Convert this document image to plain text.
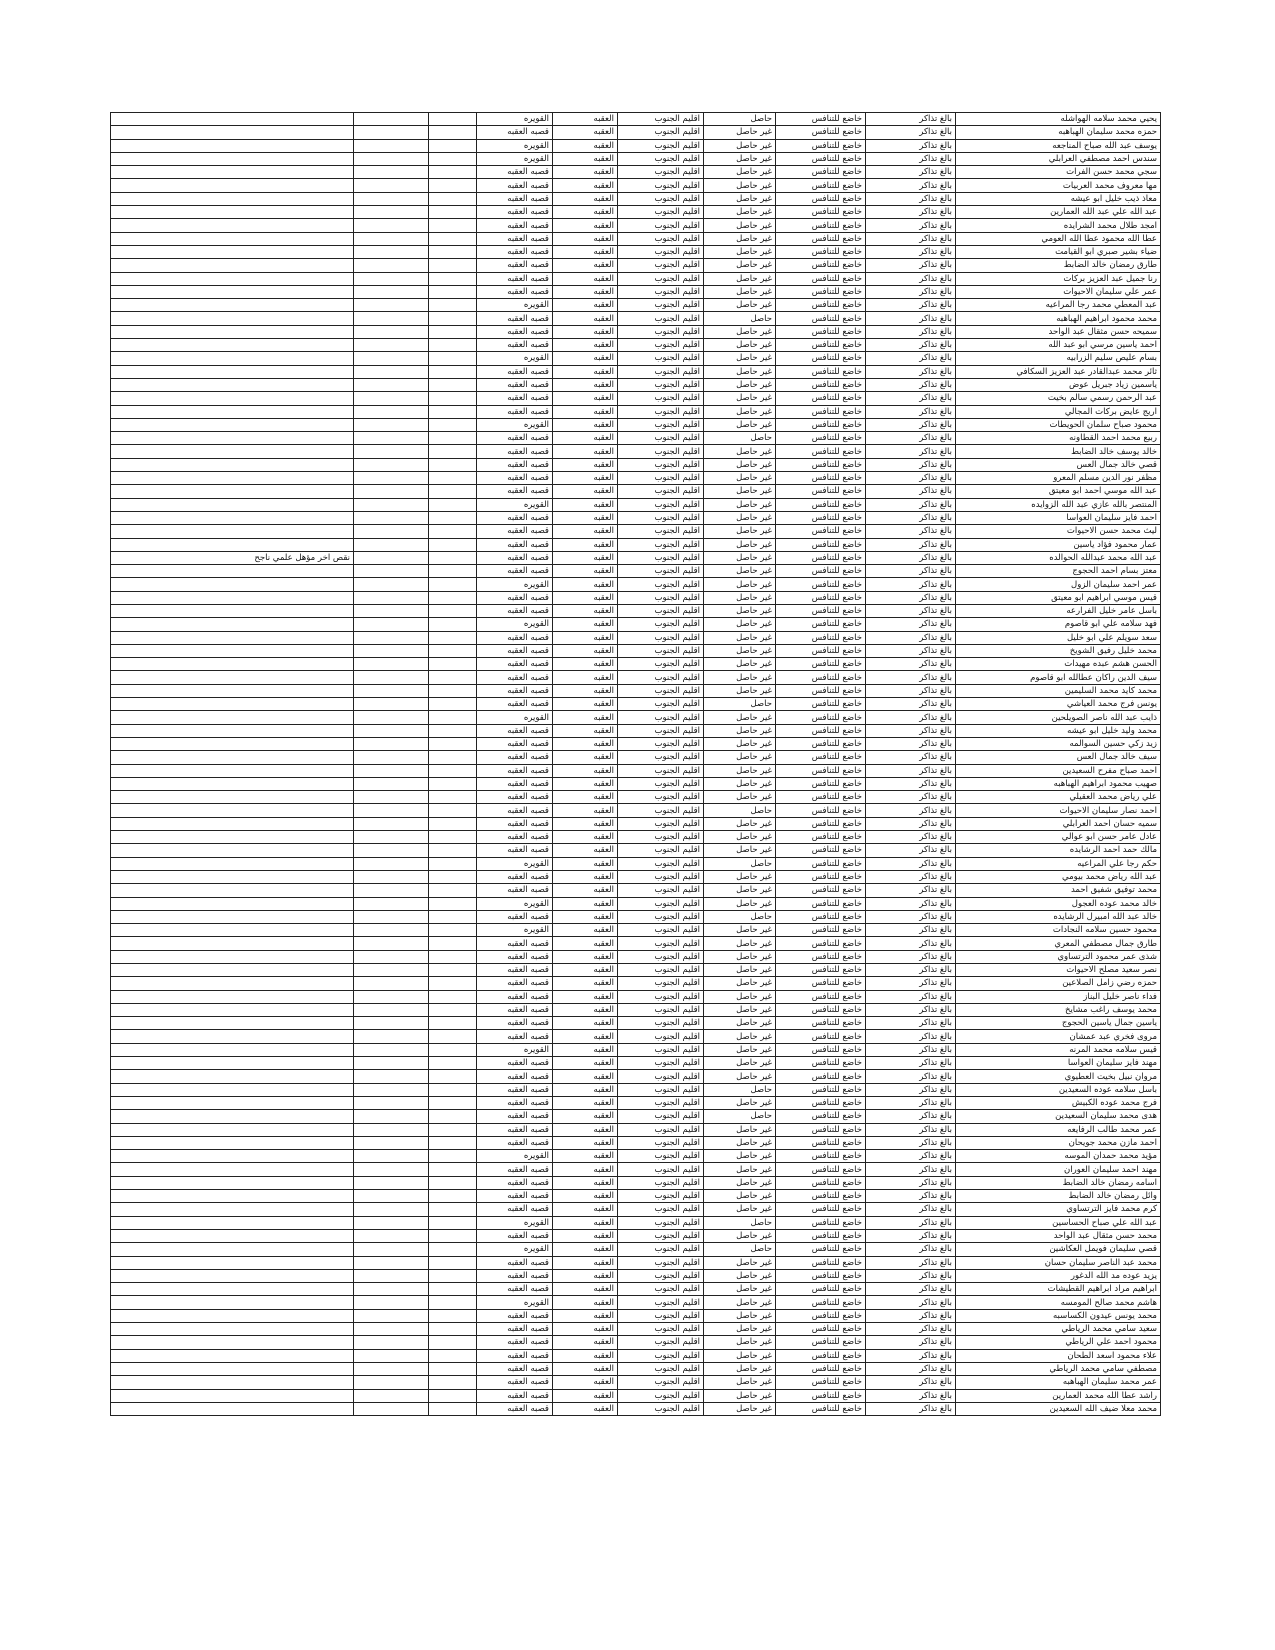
يحيي محمد سلامه الهواشله	بالغ تذاكر	خاضع للتنافس	حاصل	اقليم الجنوب	العقبه	القويره			
حمزه محمد سليمان الهباهبه	بالغ تذاكر	خاضع للتنافس	غير حاصل	اقليم الجنوب	العقبه	قصبه العقبه			
يوسف عبد الله صباح المناجعه	بالغ تذاكر	خاضع للتنافس	غير حاصل	اقليم الجنوب	العقبه	القويره			
سندس احمد مصطفي العرابلي	بالغ تذاكر	خاضع للتنافس	غير حاصل	اقليم الجنوب	العقبه	القويره			
سجي محمد حسن الفرات	بالغ تذاكر	خاضع للتنافس	غير حاصل	اقليم الجنوب	العقبه	قصبه العقبه			
مها معروف محمد العربيات	بالغ تذاكر	خاضع للتنافس	غير حاصل	اقليم الجنوب	العقبه	قصبه العقبه			
معاذ ذيب خليل ابو عيشه	بالغ تذاكر	خاضع للتنافس	غير حاصل	اقليم الجنوب	العقبه	قصبه العقبه			
عبد الله علي عبد الله العمارين	بالغ تذاكر	خاضع للتنافس	غير حاصل	اقليم الجنوب	العقبه	قصبه العقبه			
امجد طلال محمد الشرايده	بالغ تذاكر	خاضع للتنافس	غير حاصل	اقليم الجنوب	العقبه	قصبه العقبه			
عطا الله محمود عطا الله العومي	بالغ تذاكر	خاضع للتنافس	غير حاصل	اقليم الجنوب	العقبه	قصبه العقبه			
ضياء بشير صبري ابو القيامت	بالغ تذاكر	خاضع للتنافس	غير حاصل	اقليم الجنوب	العقبه	قصبه العقبه			
طارق رمضان خالد الضابط	بالغ تذاكر	خاضع للتنافس	غير حاصل	اقليم الجنوب	العقبه	قصبه العقبه			
رنا جميل عبد العزيز بركات	بالغ تذاكر	خاضع للتنافس	غير حاصل	اقليم الجنوب	العقبه	قصبه العقبه			
عمر علي سليمان الاحيوات	بالغ تذاكر	خاضع للتنافس	غير حاصل	اقليم الجنوب	العقبه	قصبه العقبه			
عبد المعطي محمد رجا المراعيه	بالغ تذاكر	خاضع للتنافس	غير حاصل	اقليم الجنوب	العقبه	القويره			
محمد محمود ابراهيم الهباهبه	بالغ تذاكر	خاضع للتنافس	حاصل	اقليم الجنوب	العقبه	قصبه العقبه			
سميحه حسن مثقال عبد الواحد	بالغ تذاكر	خاضع للتنافس	غير حاصل	اقليم الجنوب	العقبه	قصبه العقبه			
احمد ياسين مرسي ابو عبد الله	بالغ تذاكر	خاضع للتنافس	غير حاصل	اقليم الجنوب	العقبه	قصبه العقبه			
بسام عليص سليم الزرابيه	بالغ تذاكر	خاضع للتنافس	غير حاصل	اقليم الجنوب	العقبه	القويره			
ثائر محمد عبدالقادر عبد العزيز السكافي	بالغ تذاكر	خاضع للتنافس	غير حاصل	اقليم الجنوب	العقبه	قصبه العقبه			
ياسمين زياد جبريل عوض	بالغ تذاكر	خاضع للتنافس	غير حاصل	اقليم الجنوب	العقبه	قصبه العقبه			
عبد الرحمن رسمي سالم بخيت	بالغ تذاكر	خاضع للتنافس	غير حاصل	اقليم الجنوب	العقبه	قصبه العقبه			
اريج عايض بركات المجالي	بالغ تذاكر	خاضع للتنافس	غير حاصل	اقليم الجنوب	العقبه	قصبه العقبه			
محمود صباح سلمان الحويطات	بالغ تذاكر	خاضع للتنافس	غير حاصل	اقليم الجنوب	العقبه	القويره			
ربيع محمد احمد القطاونه	بالغ تذاكر	خاضع للتنافس	حاصل	اقليم الجنوب	العقبه	قصبه العقبه			
خالد يوسف خالد الضابط	بالغ تذاكر	خاضع للتنافس	غير حاصل	اقليم الجنوب	العقبه	قصبه العقبه			
قصي خالد جمال العس	بالغ تذاكر	خاضع للتنافس	غير حاصل	اقليم الجنوب	العقبه	قصبه العقبه			
مظفر نور الدين مسلم المعرو	بالغ تذاكر	خاضع للتنافس	غير حاصل	اقليم الجنوب	العقبه	قصبه العقبه			
عبد الله موسي احمد ابو معيتق	بالغ تذاكر	خاضع للتنافس	غير حاصل	اقليم الجنوب	العقبه	قصبه العقبه			
المنتصر بالله عازي عبد الله الزوايده	بالغ تذاكر	خاضع للتنافس	غير حاصل	اقليم الجنوب	العقبه	القويره			
احمد فايز سليمان العواسا	بالغ تذاكر	خاضع للتنافس	غير حاصل	اقليم الجنوب	العقبه	قصبه العقبه			
ليث محمد حسن الاحيوات	بالغ تذاكر	خاضع للتنافس	غير حاصل	اقليم الجنوب	العقبه	قصبه العقبه			
عمار محمود فؤاد ياسين	بالغ تذاكر	خاضع للتنافس	غير حاصل	اقليم الجنوب	العقبه	قصبه العقبه			
عبد الله محمد عبدالله الحوالده	بالغ تذاكر	خاضع للتنافس	غير حاصل	اقليم الجنوب	العقبه	قصبه العقبه			نقص اخر مؤهل علمي ناجح
معتز بسام احمد الحجوج	بالغ تذاكر	خاضع للتنافس	غير حاصل	اقليم الجنوب	العقبه	قصبه العقبه			
عمر احمد سليمان الزول	بالغ تذاكر	خاضع للتنافس	غير حاصل	اقليم الجنوب	العقبه	القويره			
قيس موسي ابراهيم ابو معيتق	بالغ تذاكر	خاضع للتنافس	غير حاصل	اقليم الجنوب	العقبه	قصبه العقبه			
باسل عامر خليل الفرارعه	بالغ تذاكر	خاضع للتنافس	غير حاصل	اقليم الجنوب	العقبه	قصبه العقبه			
فهد سلامه علي ابو قاصوم	بالغ تذاكر	خاضع للتنافس	غير حاصل	اقليم الجنوب	العقبه	القويره			
سعد سويلم علي ابو خليل	بالغ تذاكر	خاضع للتنافس	غير حاصل	اقليم الجنوب	العقبه	قصبه العقبه			
محمد خليل رفيق الشويخ	بالغ تذاكر	خاضع للتنافس	غير حاصل	اقليم الجنوب	العقبه	قصبه العقبه			
الحسن هشم عبده مهيدات	بالغ تذاكر	خاضع للتنافس	غير حاصل	اقليم الجنوب	العقبه	قصبه العقبه			
سيف الدين راكان عطالله ابو قاصوم	بالغ تذاكر	خاضع للتنافس	غير حاصل	اقليم الجنوب	العقبه	قصبه العقبه			
محمد كايد محمد السليمين	بالغ تذاكر	خاضع للتنافس	غير حاصل	اقليم الجنوب	العقبه	قصبه العقبه			
يونس فرج محمد العياشي	بالغ تذاكر	خاضع للتنافس	حاصل	اقليم الجنوب	العقبه	قصبه العقبه			
ذايب عبد الله ناصر الصويلحين	بالغ تذاكر	خاضع للتنافس	غير حاصل	اقليم الجنوب	العقبه	القويره			
محمد وليد خليل ابو عيشه	بالغ تذاكر	خاضع للتنافس	غير حاصل	اقليم الجنوب	العقبه	قصبه العقبه			
زيد زكي حسين السوالمه	بالغ تذاكر	خاضع للتنافس	غير حاصل	اقليم الجنوب	العقبه	قصبه العقبه			
سيف خالد جمال العس	بالغ تذاكر	خاضع للتنافس	غير حاصل	اقليم الجنوب	العقبه	قصبه العقبه			
احمد صباح مفرح السعيدين	بالغ تذاكر	خاضع للتنافس	غير حاصل	اقليم الجنوب	العقبه	قصبه العقبه			
صهيب محمود ابراهيم الهباهبه	بالغ تذاكر	خاضع للتنافس	غير حاصل	اقليم الجنوب	العقبه	قصبه العقبه			
علي رياض محمد العقيلي	بالغ تذاكر	خاضع للتنافس	غير حاصل	اقليم الجنوب	العقبه	قصبه العقبه			
احمد نصار سليمان الاحيوات	بالغ تذاكر	خاضع للتنافس	حاصل	اقليم الجنوب	العقبه	قصبه العقبه			
سميه حسان احمد العرابلي	بالغ تذاكر	خاضع للتنافس	غير حاصل	اقليم الجنوب	العقبه	قصبه العقبه			
عادل عامر حسن ابو عوالي	بالغ تذاكر	خاضع للتنافس	غير حاصل	اقليم الجنوب	العقبه	قصبه العقبه			
مالك حمد احمد الرشايده	بالغ تذاكر	خاضع للتنافس	غير حاصل	اقليم الجنوب	العقبه	قصبه العقبه			
حكم رجا علي المراعيه	بالغ تذاكر	خاضع للتنافس	حاصل	اقليم الجنوب	العقبه	القويره			
عبد الله رياض محمد بيومي	بالغ تذاكر	خاضع للتنافس	غير حاصل	اقليم الجنوب	العقبه	قصبه العقبه			
محمد توفيق شفيق احمد	بالغ تذاكر	خاضع للتنافس	غير حاصل	اقليم الجنوب	العقبه	قصبه العقبه			
خالد محمد عوده العجول	بالغ تذاكر	خاضع للتنافس	غير حاصل	اقليم الجنوب	العقبه	القويره			
خالد عبد الله امبيرل الرشايده	بالغ تذاكر	خاضع للتنافس	حاصل	اقليم الجنوب	العقبه	قصبه العقبه			
محمود حسين سلامه النجادات	بالغ تذاكر	خاضع للتنافس	غير حاصل	اقليم الجنوب	العقبه	القويره			
طارق جمال مصطفي المعري	بالغ تذاكر	خاضع للتنافس	غير حاصل	اقليم الجنوب	العقبه	قصبه العقبه			
شذى عمر محمود الترتساوي	بالغ تذاكر	خاضع للتنافس	غير حاصل	اقليم الجنوب	العقبه	قصبه العقبه			
نصر سعيد مصلح الاحيوات	بالغ تذاكر	خاضع للتنافس	غير حاصل	اقليم الجنوب	العقبه	قصبه العقبه			
حمزه رضي زامل الصلاعين	بالغ تذاكر	خاضع للتنافس	غير حاصل	اقليم الجنوب	العقبه	قصبه العقبه			
فداء ناصر خليل البناز	بالغ تذاكر	خاضع للتنافس	غير حاصل	اقليم الجنوب	العقبه	قصبه العقبه			
محمد يوسف راغب مشايخ	بالغ تذاكر	خاضع للتنافس	غير حاصل	اقليم الجنوب	العقبه	قصبه العقبه			
ياسين جمال ياسين الحجوج	بالغ تذاكر	خاضع للتنافس	غير حاصل	اقليم الجنوب	العقبه	قصبه العقبه			
مروى فخري عبد عمشان	بالغ تذاكر	خاضع للتنافس	غير حاصل	اقليم الجنوب	العقبه	قصبه العقبه			
قيس سلامه محمد المرنه	بالغ تذاكر	خاضع للتنافس	غير حاصل	اقليم الجنوب	العقبه	القويره			
مهند فايز سليمان العواسا	بالغ تذاكر	خاضع للتنافس	غير حاصل	اقليم الجنوب	العقبه	قصبه العقبه			
مروان نبيل بخيت العطيوي	بالغ تذاكر	خاضع للتنافس	غير حاصل	اقليم الجنوب	العقبه	قصبه العقبه			
باسل سلامه عوده السعيدين	بالغ تذاكر	خاضع للتنافس	حاصل	اقليم الجنوب	العقبه	قصبه العقبه			
فرج محمد عوده الكبيش	بالغ تذاكر	خاضع للتنافس	غير حاصل	اقليم الجنوب	العقبه	قصبه العقبه			
هدى محمد سليمان السعيدين	بالغ تذاكر	خاضع للتنافس	حاصل	اقليم الجنوب	العقبه	قصبه العقبه			
عمر محمد طالب الرفايعه	بالغ تذاكر	خاضع للتنافس	غير حاصل	اقليم الجنوب	العقبه	قصبه العقبه			
احمد مازن محمد جويحان	بالغ تذاكر	خاضع للتنافس	غير حاصل	اقليم الجنوب	العقبه	قصبه العقبه			
مؤيد محمد حمدان الموسه	بالغ تذاكر	خاضع للتنافس	غير حاصل	اقليم الجنوب	العقبه	القويره			
مهند احمد سليمان العوران	بالغ تذاكر	خاضع للتنافس	غير حاصل	اقليم الجنوب	العقبه	قصبه العقبه			
اسامه رمضان خالد الضابط	بالغ تذاكر	خاضع للتنافس	غير حاصل	اقليم الجنوب	العقبه	قصبه العقبه			
وائل رمضان خالد الضابط	بالغ تذاكر	خاضع للتنافس	غير حاصل	اقليم الجنوب	العقبه	قصبه العقبه			
كرم محمد فايز الترتساوي	بالغ تذاكر	خاضع للتنافس	غير حاصل	اقليم الجنوب	العقبه	قصبه العقبه			
عبد الله علي صباح الحساسين	بالغ تذاكر	خاضع للتنافس	حاصل	اقليم الجنوب	العقبه	القويره			
محمد حسن مثقال عبد الواحد	بالغ تذاكر	خاضع للتنافس	غير حاصل	اقليم الجنوب	العقبه	قصبه العقبه			
قصي سليمان فويمل العكاشين	بالغ تذاكر	خاضع للتنافس	حاصل	اقليم الجنوب	العقبه	القويره			
محمد عبد الناصر سليمان حسان	بالغ تذاكر	خاضع للتنافس	غير حاصل	اقليم الجنوب	العقبه	قصبه العقبه			
يزيد عوده مد الله الدغور	بالغ تذاكر	خاضع للتنافس	غير حاصل	اقليم الجنوب	العقبه	قصبه العقبه			
ابراهيم مراد ابراهيم القطيشات	بالغ تذاكر	خاضع للتنافس	غير حاصل	اقليم الجنوب	العقبه	قصبه العقبه			
هاشم محمد صالح المومسه	بالغ تذاكر	خاضع للتنافس	غير حاصل	اقليم الجنوب	العقبه	القويره			
محمد يونس عيدون الكساسبه	بالغ تذاكر	خاضع للتنافس	غير حاصل	اقليم الجنوب	العقبه	قصبه العقبه			
سعيد سامي محمد الرياطي	بالغ تذاكر	خاضع للتنافس	غير حاصل	اقليم الجنوب	العقبه	قصبه العقبه			
محمود احمد علي الرياطي	بالغ تذاكر	خاضع للتنافس	غير حاصل	اقليم الجنوب	العقبه	قصبه العقبه			
علاء محمود اسعد الطحان	بالغ تذاكر	خاضع للتنافس	غير حاصل	اقليم الجنوب	العقبه	قصبه العقبه			
مصطفي سامي محمد الرياطي	بالغ تذاكر	خاضع للتنافس	غير حاصل	اقليم الجنوب	العقبه	قصبه العقبه			
عمر محمد سليمان الهباهبه	بالغ تذاكر	خاضع للتنافس	غير حاصل	اقليم الجنوب	العقبه	قصبه العقبه			
راشد عطا الله محمد العمارين	بالغ تذاكر	خاضع للتنافس	غير حاصل	اقليم الجنوب	العقبه	قصبه العقبه			
محمد معلا ضيف الله السعيدين	بالغ تذاكر	خاضع للتنافس	غير حاصل	اقليم الجنوب	العقبه	قصبه العقبه			
